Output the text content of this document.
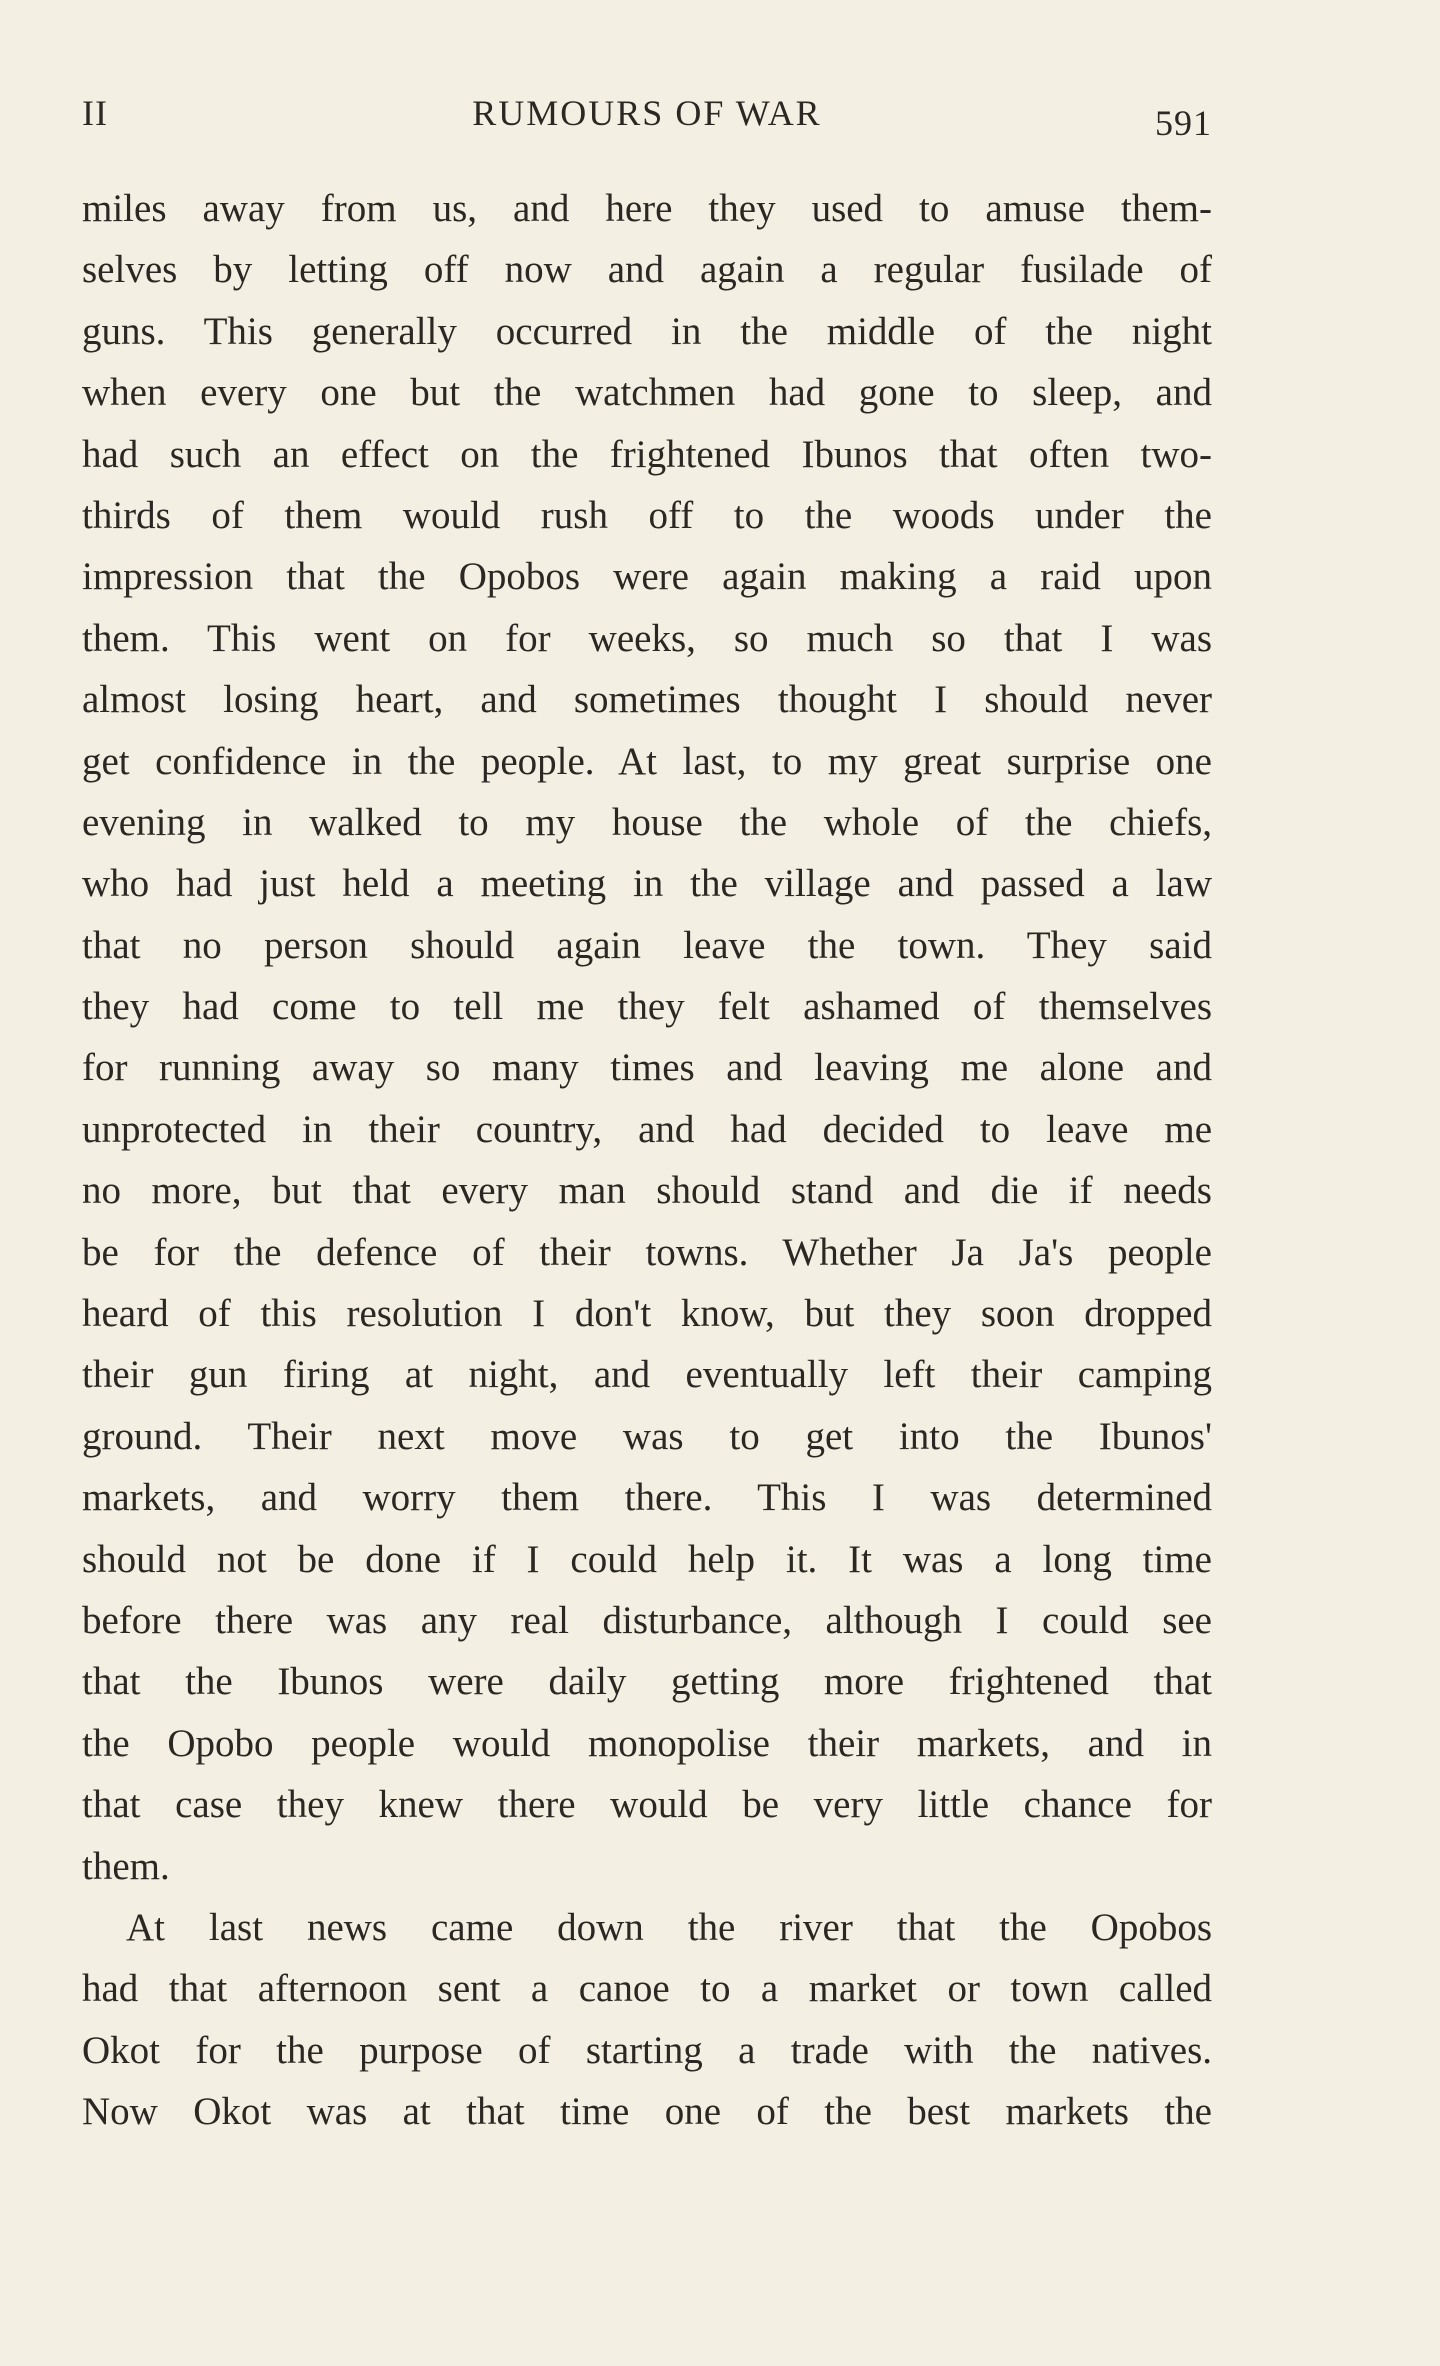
II	RUMOURS OF WAR	591
miles away from us, and here they used to amuse them-
selves by letting off now and again a regular fusilade of
guns. This generally occurred in the middle of the night
when every one but the watchmen had gone to sleep, and
had such an effect on the frightened Ibunos that often two-
thirds of them would rush off to the woods under the
impression that the Opobos were again making a raid upon
them. This went on for weeks, so much so that I was
almost losing heart, and sometimes thought I should never
get confidence in the people. At last, to my great surprise one
evening in walked to my house the whole of the chiefs,
who had just held a meeting in the village and passed a law
that no person should again leave the town. They said
they had come to tell me they felt ashamed of themselves
for running away so many times and leaving me alone and
unprotected in their country, and had decided to leave me
no more, but that every man should stand and die if needs
be for the defence of their towns. Whether Ja Ja's people
heard of this resolution I don't know, but they soon dropped
their gun firing at night, and eventually left their camping
ground. Their next move was to get into the Ibunos'
markets, and worry them there. This I was determined
should not be done if I could help it. It was a long time
before there was any real disturbance, although I could see
that the Ibunos were daily getting more frightened that
the Opobo people would monopolise their markets, and in
that case they knew there would be very little chance for
them.
At last news came down the river that the Opobos
had that afternoon sent a canoe to a market or town called
Okot for the purpose of starting a trade with the natives.
Now Okot was at that time one of the best markets the
